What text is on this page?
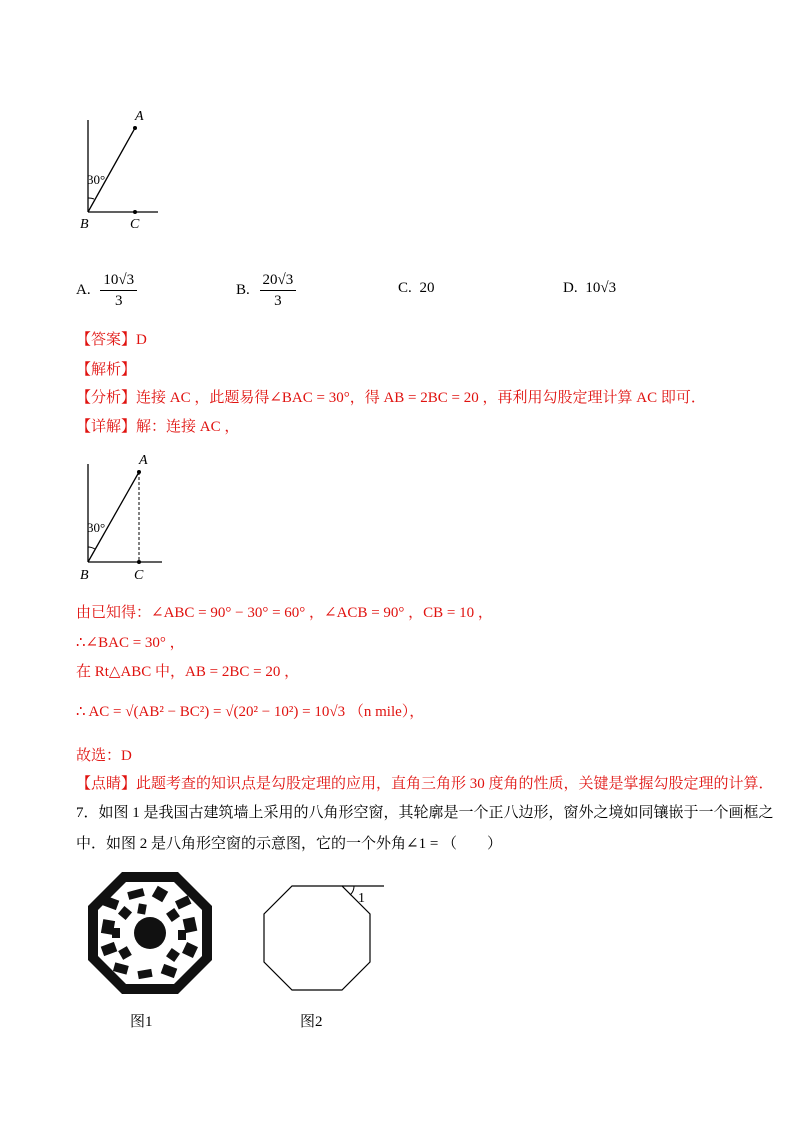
A
B	C
30°
A. $\frac{10√3}{3}$	B. $\frac{20√3}{3}$	C. 20	D. 10√3
【答案】D
【解析】
【分析】连接 AC ，此题易得∠BAC = 30°，得 AB = 2BC = 20 ，再利用勾股定理计算 AC 即可．
【详解】解：连接 AC ，
A
B	C
30°
由已知得：∠ABC = 90° − 30° = 60° ，∠ACB = 90° ，CB = 10 ，
∴∠BAC = 30° ，
在 Rt△ABC 中，AB = 2BC = 20 ，
∴ AC = √(AB² − BC²) = √(20² − 10²) = 10√3 （n mile），
故选：D
【点睛】此题考查的知识点是勾股定理的应用，直角三角形 30 度角的性质，关键是掌握勾股定理的计算．
7．如图 1 是我国古建筑墙上采用的八角形空窗，其轮廓是一个正八边形，窗外之境如同镶嵌于一个画框之
中．如图 2 是八角形空窗的示意图，它的一个外角∠1 = （　　）
图1
1
图2
